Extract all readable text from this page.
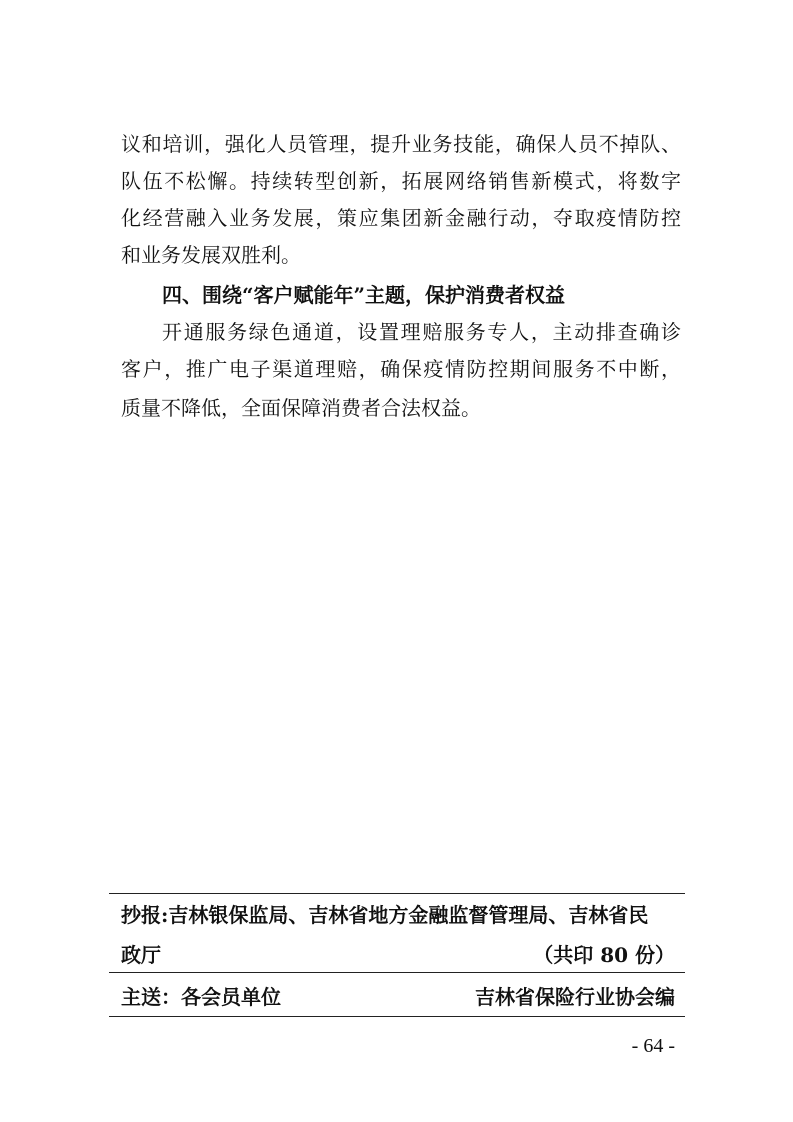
议和培训，强化人员管理，提升业务技能，确保人员不掉队、
队伍不松懈。持续转型创新，拓展网络销售新模式，将数字
化经营融入业务发展，策应集团新金融行动，夺取疫情防控
和业务发展双胜利。
四、围绕“客户赋能年”主题，保护消费者权益
开通服务绿色通道，设置理赔服务专人，主动排查确诊
客户，推广电子渠道理赔，确保疫情防控期间服务不中断，
质量不降低，全面保障消费者合法权益。
抄报:吉林银保监局、吉林省地方金融监督管理局、吉林省民
政厅	（共印 80 份）
主送：各会员单位	吉林省保险行业协会编
- 64 -
